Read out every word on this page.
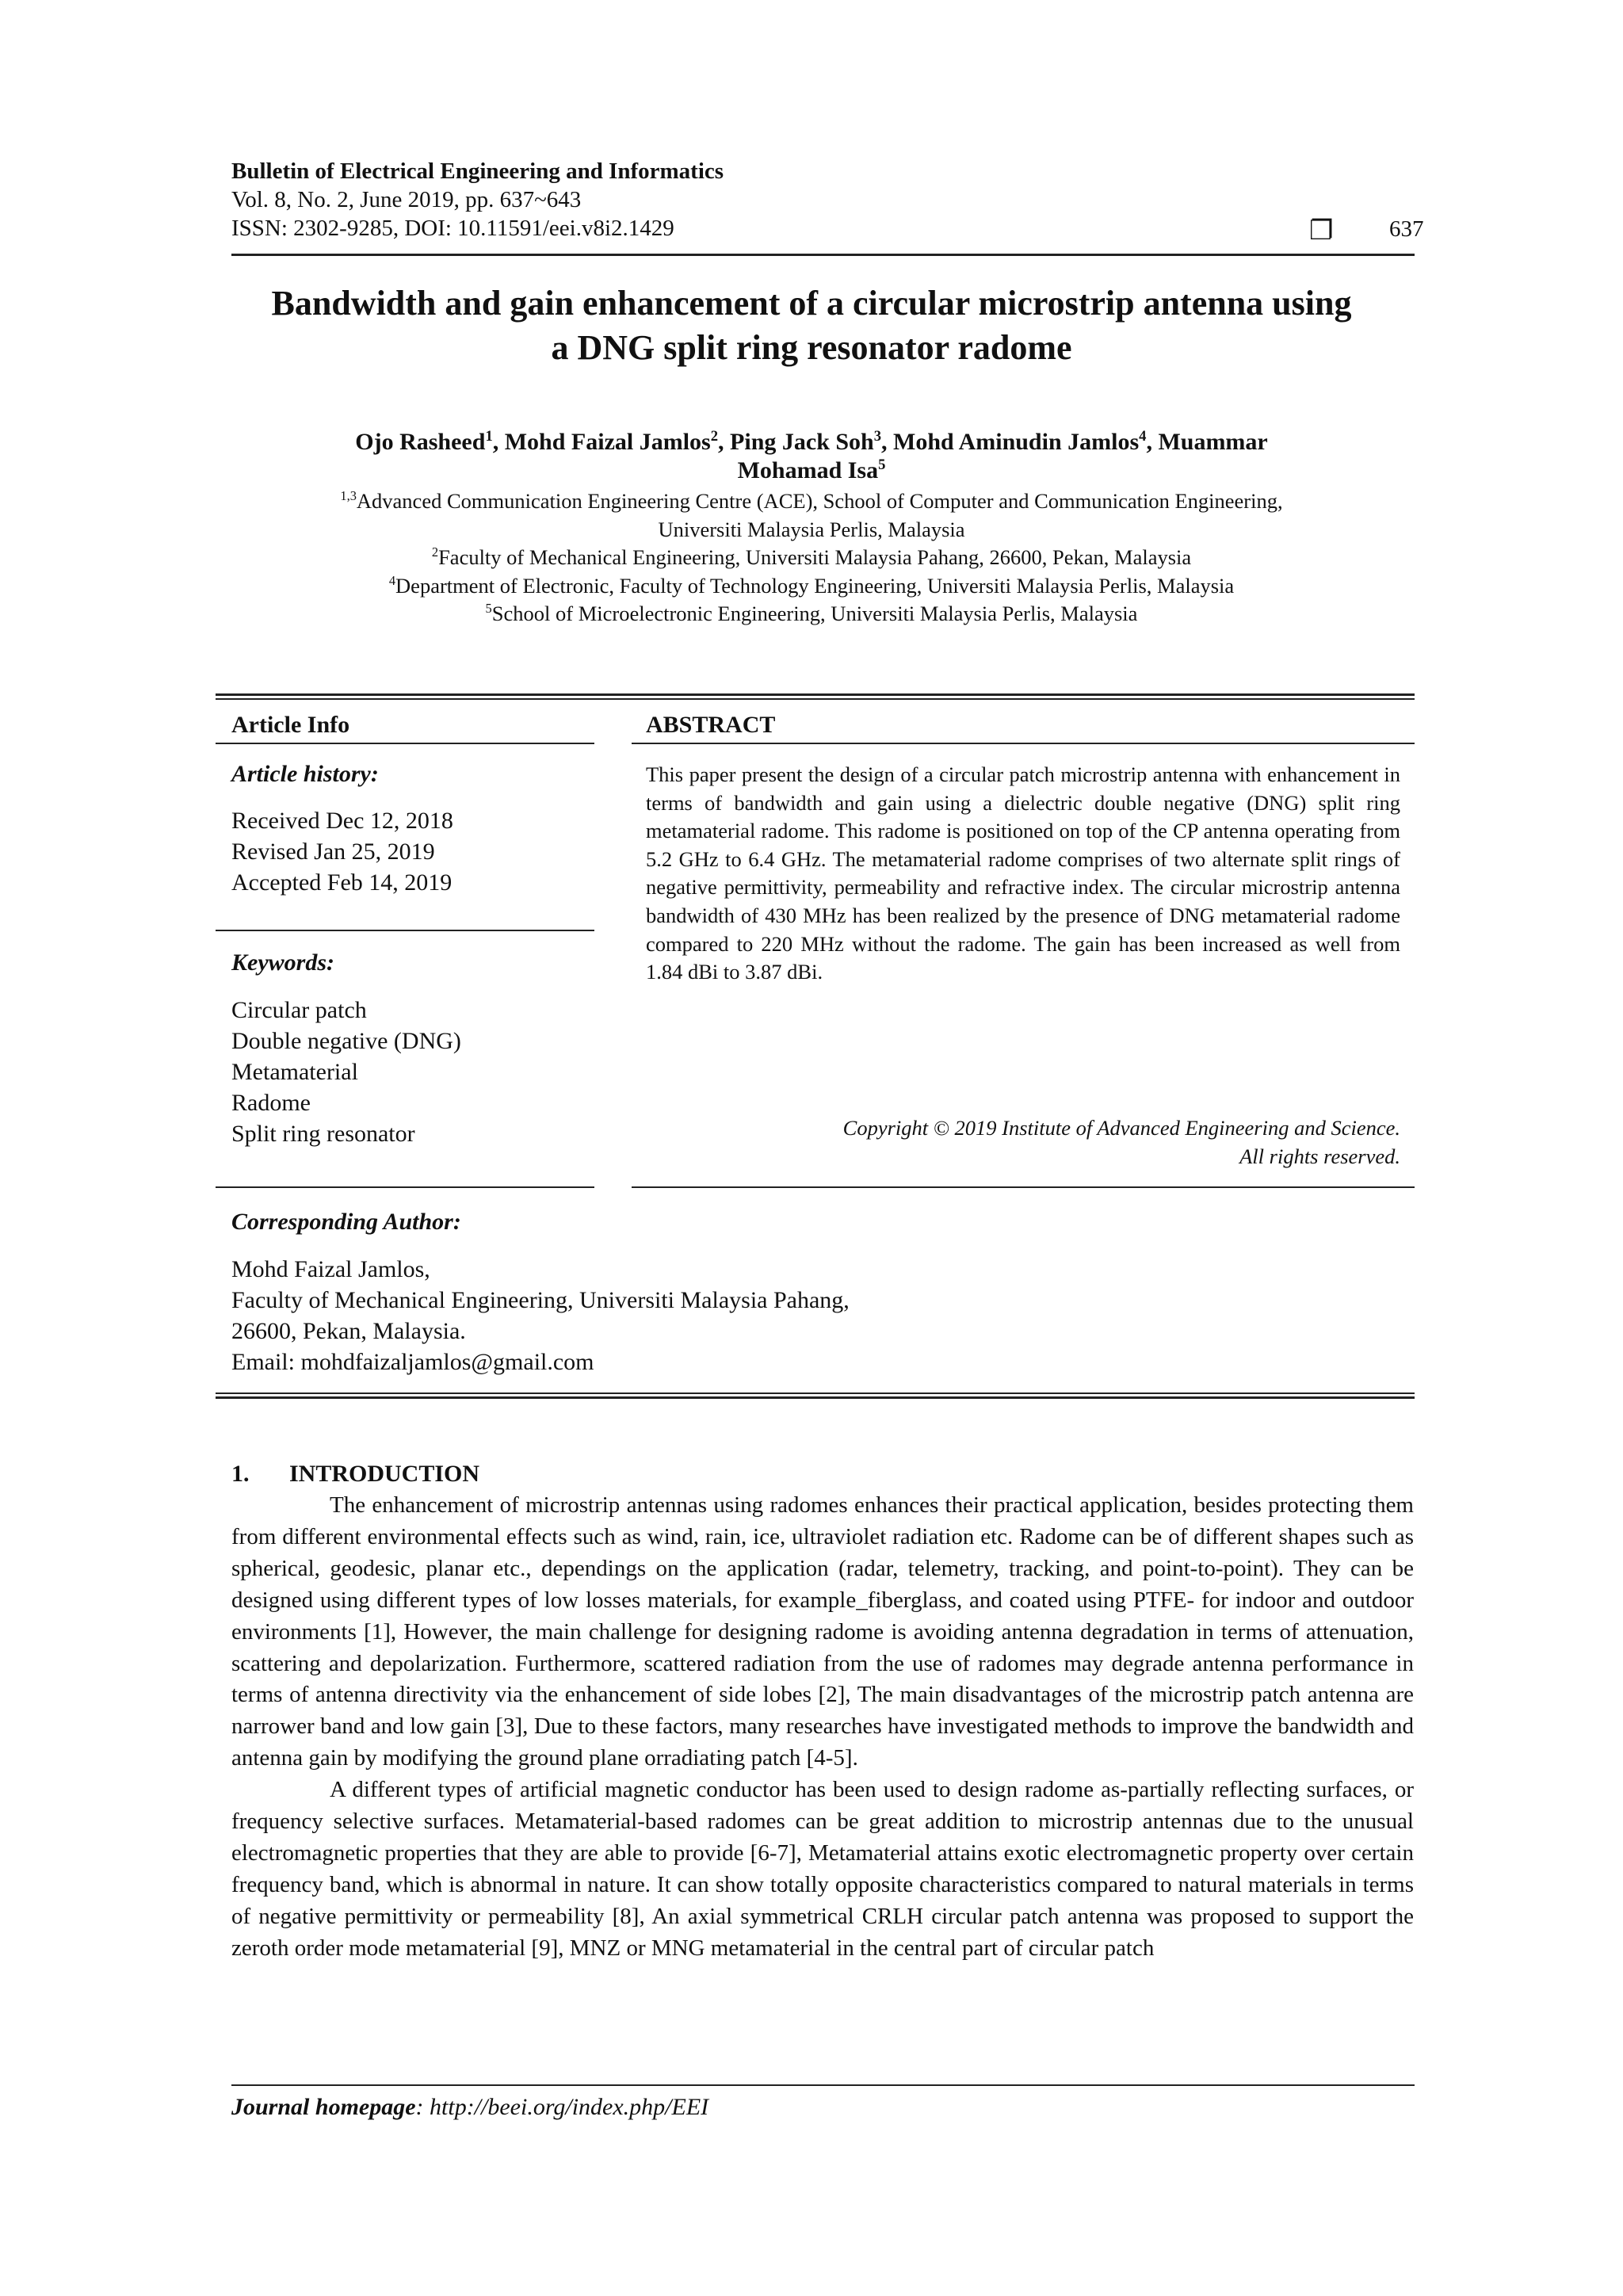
Bulletin of Electrical Engineering and Informatics
Vol. 8, No. 2, June 2019, pp. 637~643
ISSN: 2302-9285, DOI: 10.11591/eei.v8i2.1429	❐ 637
Bandwidth and gain enhancement of a circular microstrip antenna using
a DNG split ring resonator radome
Ojo Rasheed$^1$, Mohd Faizal Jamlos$^2$, Ping Jack Soh$^3$, Mohd Aminudin Jamlos$^4$, Muammar
Mohamad Isa$^5$
$^{1,3}$Advanced Communication Engineering Centre (ACE), School of Computer and Communication Engineering,
Universiti Malaysia Perlis, Malaysia
$^2$Faculty of Mechanical Engineering, Universiti Malaysia Pahang, 26600, Pekan, Malaysia
$^4$Department of Electronic, Faculty of Technology Engineering, Universiti Malaysia Perlis, Malaysia
$^5$School of Microelectronic Engineering, Universiti Malaysia Perlis, Malaysia
Article Info
Article history:
Received Dec 12, 2018
Revised Jan 25, 2019
Accepted Feb 14, 2019
Keywords:
Circular patch
Double negative (DNG)
Metamaterial
Radome
Split ring resonator
ABSTRACT
This paper present the design of a circular patch microstrip antenna with enhancement in terms of bandwidth and gain using a dielectric double negative (DNG) split ring metamaterial radome. This radome is positioned on top of the CP antenna operating from 5.2 GHz to 6.4 GHz. The metamaterial radome comprises of two alternate split rings of negative permittivity, permeability and refractive index. The circular microstrip antenna bandwidth of 430 MHz has been realized by the presence of DNG metamaterial radome compared to 220 MHz without the radome. The gain has been increased as well from 1.84 dBi to 3.87 dBi.
Copyright © 2019 Institute of Advanced Engineering and Science.
All rights reserved.
Corresponding Author:
Mohd Faizal Jamlos,
Faculty of Mechanical Engineering, Universiti Malaysia Pahang,
26600, Pekan, Malaysia.
Email: mohdfaizaljamlos@gmail.com
1. INTRODUCTION

The enhancement of microstrip antennas using radomes enhances their practical application, besides protecting them from different environmental effects such as wind, rain, ice, ultraviolet radiation etc. Radome can be of different shapes such as spherical, geodesic, planar etc., dependings on the application (radar, telemetry, tracking, and point-to-point). They can be designed using different types of low losses materials, for example_fiberglass, and coated using PTFE- for indoor and outdoor environments [1], However, the main challenge for designing radome is avoiding antenna degradation in terms of attenuation, scattering and depolarization. Furthermore, scattered radiation from the use of radomes may degrade antenna performance in terms of antenna directivity via the enhancement of side lobes [2], The main disadvantages of the microstrip patch antenna are narrower band and low gain [3], Due to these factors, many researches have investigated methods to improve the bandwidth and antenna gain by modifying the ground plane orradiating patch [4-5].

A different types of artificial magnetic conductor has been used to design radome as-partially reflecting surfaces, or frequency selective surfaces. Metamaterial-based radomes can be great addition to microstrip antennas due to the unusual electromagnetic properties that they are able to provide [6-7], Metamaterial attains exotic electromagnetic property over certain frequency band, which is abnormal in nature. It can show totally opposite characteristics compared to natural materials in terms of negative permittivity or permeability [8], An axial symmetrical CRLH circular patch antenna was proposed to support the zeroth order mode metamaterial [9], MNZ or MNG metamaterial in the central part of circular patch

Journal homepage: http://beei.org/index.php/EEI
